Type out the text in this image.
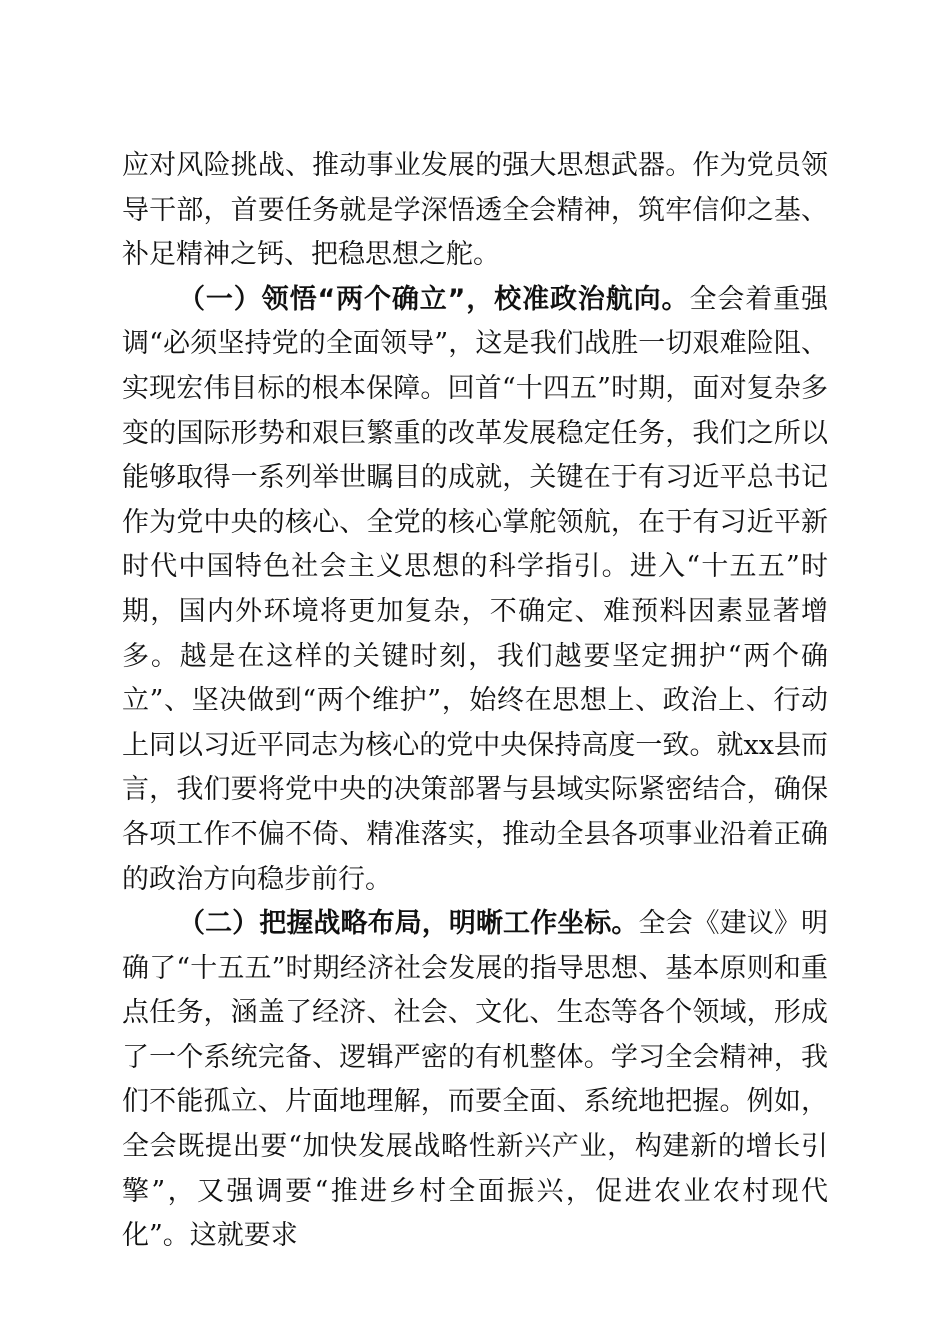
应对风险挑战、推动事业发展的强大思想武器。作为党员领导干部，首要任务就是学深悟透全会精神，筑牢信仰之基、补足精神之钙、把稳思想之舵。

（一）领悟“两个确立”，校准政治航向。全会着重强调“必须坚持党的全面领导”，这是我们战胜一切艰难险阻、实现宏伟目标的根本保障。回首“十四五”时期，面对复杂多变的国际形势和艰巨繁重的改革发展稳定任务，我们之所以能够取得一系列举世瞩目的成就，关键在于有习近平总书记作为党中央的核心、全党的核心掌舵领航，在于有习近平新时代中国特色社会主义思想的科学指引。进入“十五五”时期，国内外环境将更加复杂，不确定、难预料因素显著增多。越是在这样的关键时刻，我们越要坚定拥护“两个确立”、坚决做到“两个维护”，始终在思想上、政治上、行动上同以习近平同志为核心的党中央保持高度一致。就xx县而言，我们要将党中央的决策部署与县域实际紧密结合，确保各项工作不偏不倚、精准落实，推动全县各项事业沿着正确的政治方向稳步前行。

（二）把握战略布局，明晰工作坐标。全会《建议》明确了“十五五”时期经济社会发展的指导思想、基本原则和重点任务，涵盖了经济、社会、文化、生态等各个领域，形成了一个系统完备、逻辑严密的有机整体。学习全会精神，我们不能孤立、片面地理解，而要全面、系统地把握。例如，全会既提出要“加快发展战略性新兴产业，构建新的增长引擎”，又强调要“推进乡村全面振兴，促进农业农村现代化”。这就要求
